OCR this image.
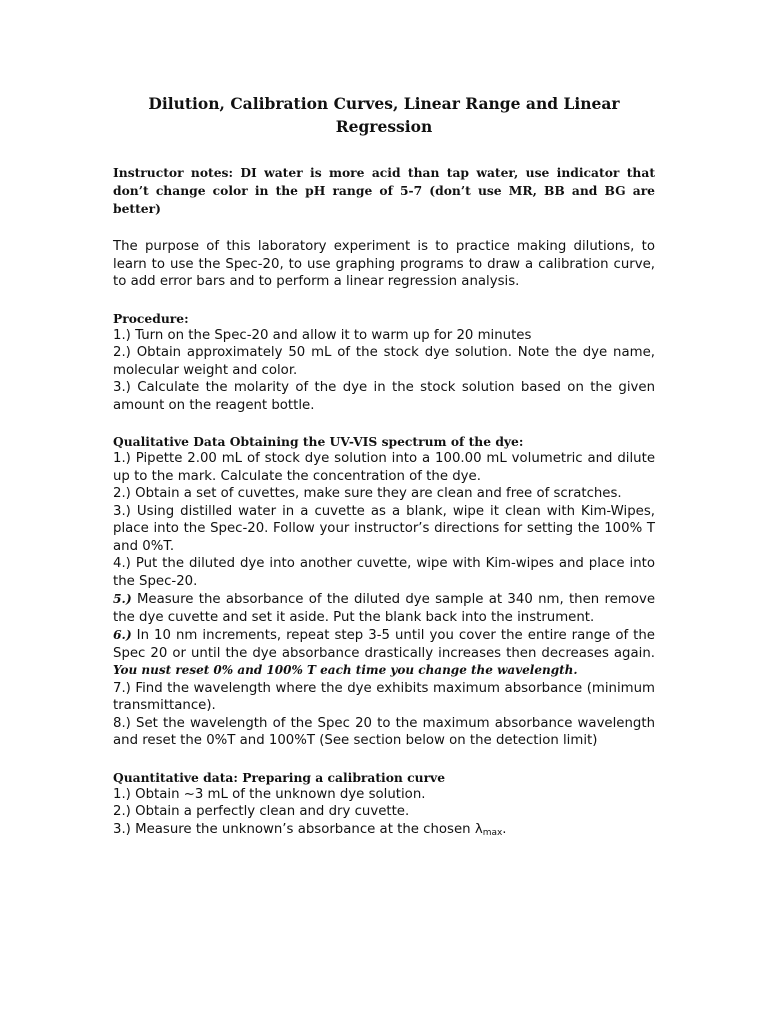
Dilution, Calibration Curves, Linear Range and Linear
Regression

Instructor notes: DI water is more acid than tap water, use indicator that don’t change color in the pH range of 5-7 (don’t use MR, BB and BG are better)

The purpose of this laboratory experiment is to practice making dilutions, to learn to use the Spec-20, to use graphing programs to draw a calibration curve, to add error bars and to perform a linear regression analysis.

Procedure:

1.) Turn on the Spec-20 and allow it to warm up for 20 minutes

2.) Obtain approximately 50 mL of the stock dye solution. Note the dye name, molecular weight and color.

3.) Calculate the molarity of the dye in the stock solution based on the given amount on the reagent bottle.

Qualitative Data Obtaining the UV-VIS spectrum of the dye:

1.) Pipette 2.00 mL of stock dye solution into a 100.00 mL volumetric and dilute up to the mark. Calculate the concentration of the dye.

2.) Obtain a set of cuvettes, make sure they are clean and free of scratches.

3.) Using distilled water in a cuvette as a blank, wipe it clean with Kim-Wipes, place into the Spec-20. Follow your instructor’s directions for setting the 100% T and 0%T.

4.) Put the diluted dye into another cuvette, wipe with Kim-wipes and place into the Spec-20.

5.) Measure the absorbance of the diluted dye sample at 340 nm, then remove the dye cuvette and set it aside. Put the blank back into the instrument.

6.) In 10 nm increments, repeat step 3-5 until you cover the entire range of the Spec 20 or until the dye absorbance drastically increases then decreases again. You nust reset 0% and 100% T each time you change the wavelength.

7.) Find the wavelength where the dye exhibits maximum absorbance (minimum transmittance).

8.) Set the wavelength of the Spec 20 to the maximum absorbance wavelength and reset the 0%T and 100%T (See section below on the detection limit)

Quantitative data: Preparing a calibration curve

1.) Obtain ~3 mL of the unknown dye solution.

2.) Obtain a perfectly clean and dry cuvette.

3.) Measure the unknown’s absorbance at the chosen $\lambda_{max}$.
